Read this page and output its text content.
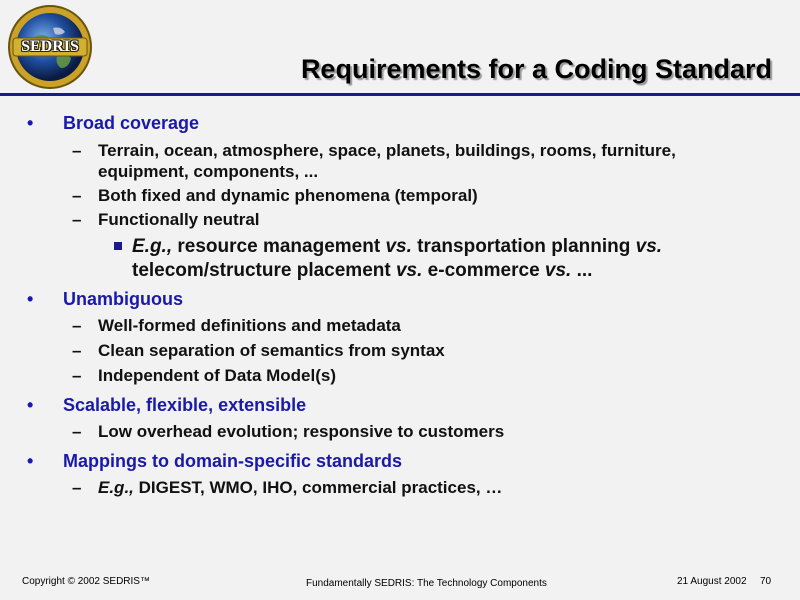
SEDRIS
Requirements for a Coding Standard
• Broad coverage
– Terrain, ocean, atmosphere, space, planets, buildings, rooms, furniture, equipment, components, ...
– Both fixed and dynamic phenomena (temporal)
– Functionally neutral
E.g., resource management vs. transportation planning vs. telecom/structure placement vs. e-commerce vs. ...
• Unambiguous
– Well-formed definitions and metadata
– Clean separation of semantics from syntax
– Independent of Data Model(s)
• Scalable, flexible, extensible
– Low overhead evolution; responsive to customers
• Mappings to domain-specific standards
– E.g., DIGEST, WMO, IHO, commercial practices, …
Copyright © 2002 SEDRIS™	Fundamentally SEDRIS: The Technology Components	21 August 2002 70
